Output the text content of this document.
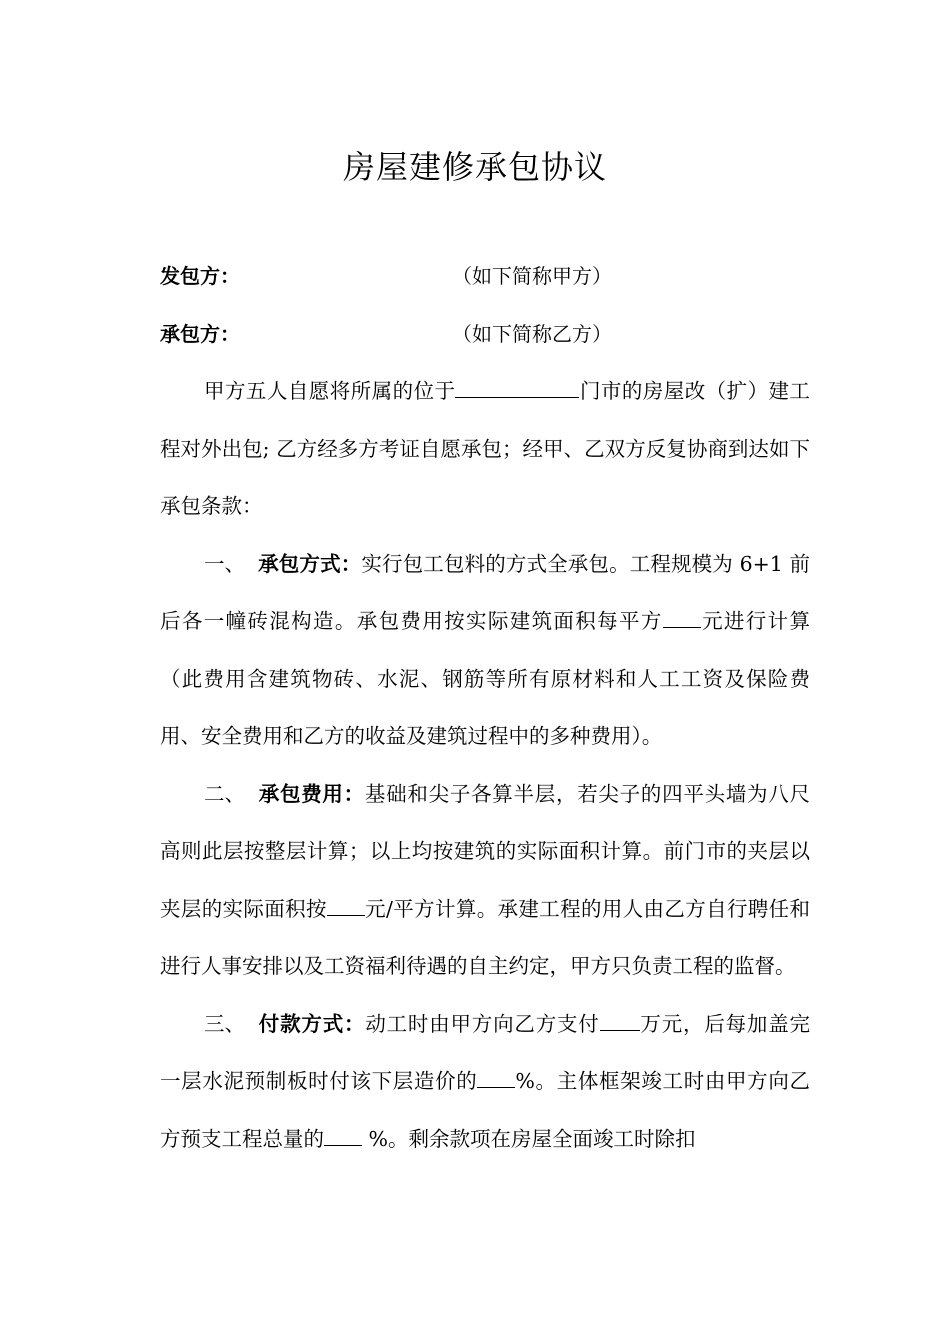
房屋建修承包协议
发包方：	（如下简称甲方）
承包方：	（如下简称乙方）

甲方五人自愿将所属的位于	门市的房屋改（扩）建工程对外出包; 乙方经多方考证自愿承包；经甲、乙双方反复协商到达如下承包条款：

一、 承包方式：实行包工包料的方式全承包。工程规模为 6+1 前后各一幢砖混构造。承包费用按实际建筑面积每平方 元进行计算（此费用含建筑物砖、水泥、钢筋等所有原材料和人工工资及保险费用、安全费用和乙方的收益及建筑过程中的多种费用）。

二、 承包费用：基础和尖子各算半层，若尖子的四平头墙为八尺高则此层按整层计算；以上均按建筑的实际面积计算。前门市的夹层以夹层的实际面积按 元/平方计算。承建工程的用人由乙方自行聘任和进行人事安排以及工资福利待遇的自主约定，甲方只负责工程的监督。

三、 付款方式：动工时由甲方向乙方支付 万元，后每加盖完一层水泥预制板时付该下层造价的 %。主体框架竣工时由甲方向乙方预支工程总量的 %。剩余款项在房屋全面竣工时除扣
